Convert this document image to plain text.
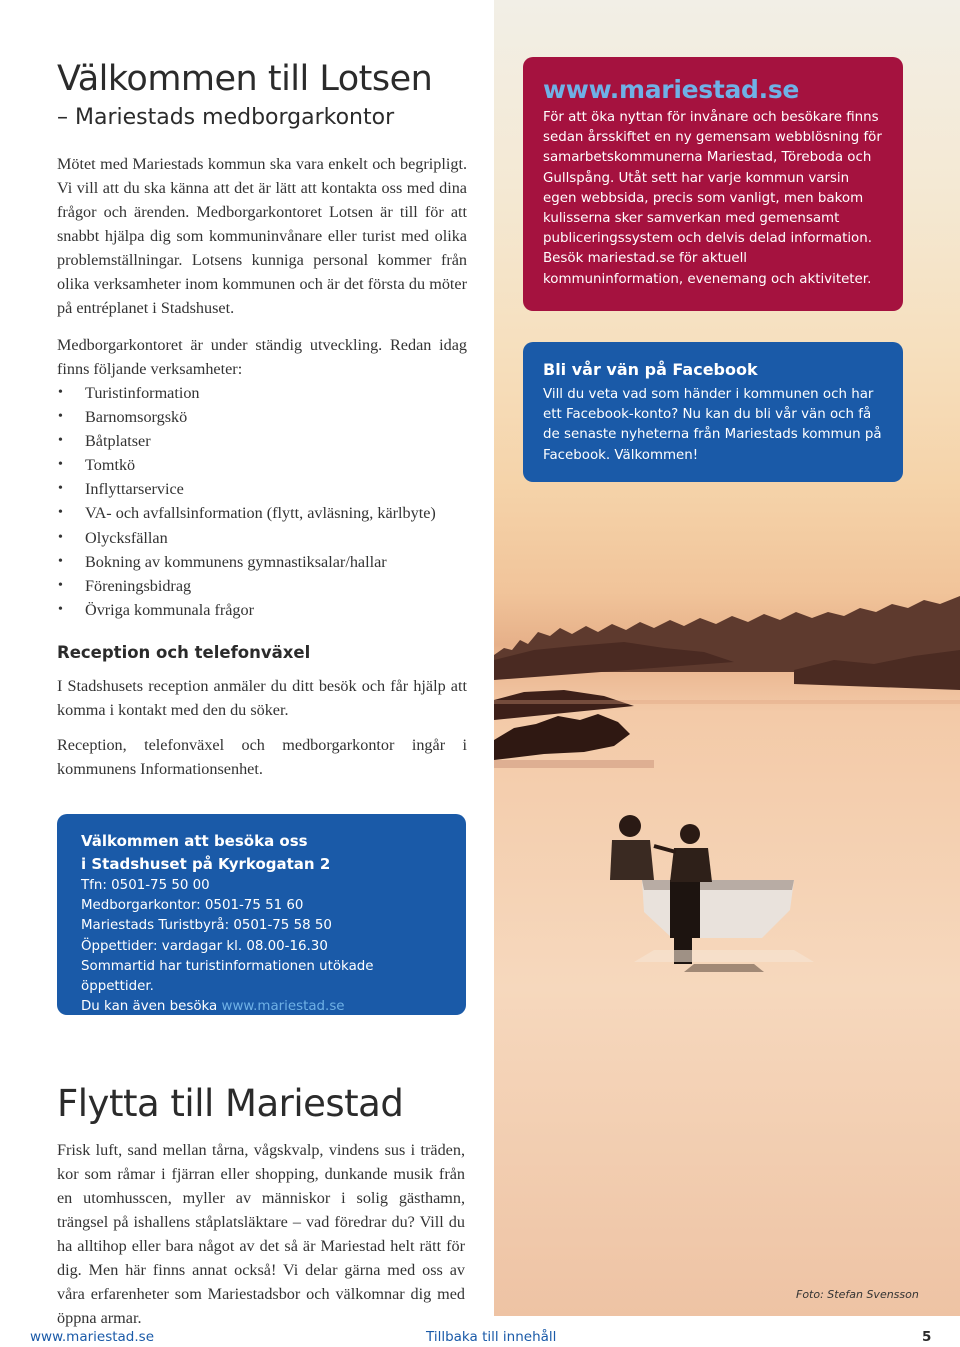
Välkommen till Lotsen
– Mariestads medborgarkontor

Mötet med Mariestads kommun ska vara enkelt och begripligt. Vi vill att du ska känna att det är lätt att kontakta oss med dina frågor och ärenden. Medborgarkontoret Lotsen är till för att snabbt hjälpa dig som kommuninvånare eller turist med olika problemställningar. Lotsens kunniga personal kommer från olika verksamheter inom kommunen och är det första du möter på entréplanet i Stadshuset.

Medborgarkontoret är under ständig utveckling. Redan idag finns följande verksamheter:

• Turistinformation
• Barnomsorgskö
• Båtplatser
• Tomtkö
• Inflyttarservice
• VA- och avfallsinformation (flytt, avläsning, kärlbyte)
• Olycksfällan
• Bokning av kommunens gymnastiksalar/hallar
• Föreningsbidrag
• Övriga kommunala frågor
Reception och telefonväxel

I Stadshusets reception anmäler du ditt besök och får hjälp att komma i kontakt med den du söker.

Reception, telefonväxel och medborgarkontor ingår i kommunens Informationsenhet.

Välkommen att besöka oss
i Stadshuset på Kyrkogatan 2
Tfn: 0501-75 50 00
Medborgarkontor: 0501-75 51 60
Mariestads Turistbyrå: 0501-75 58 50
Öppettider: vardagar kl. 08.00-16.30
Sommartid har turistinformationen utökade öppettider.
Du kan även besöka www.mariestad.se
Flytta till Mariestad

Frisk luft, sand mellan tårna, vågskvalp, vindens sus i träden, kor som råmar i fjärran eller shopping, dunkande musik från en utomhusscen, myller av människor i solig gästhamn, trängsel på ishallens ståplatsläktare – vad föredrar du? Vill du ha alltihop eller bara något av det så är Mariestad helt rätt för dig. Men här finns annat också! Vi delar gärna med oss av våra erfarenheter som Mariestadsbor och välkomnar dig med öppna armar.

www.mariestad.se
För att öka nyttan för invånare och besökare finns sedan årsskiftet en ny gemensam webblösning för samarbetskommunerna Mariestad, Töreboda och Gullspång. Utåt sett har varje kommun varsin egen webbsida, precis som vanligt, men bakom kulisserna sker samverkan med gemensamt publiceringssystem och delvis delad information. Besök mariestad.se för aktuell kommuninformation, evenemang och aktiviteter.
Bli vår vän på Facebook
Vill du veta vad som händer i kommunen och har ett Facebook-konto? Nu kan du bli vår vän och få de senaste nyheterna från Mariestads kommun på Facebook. Välkommen!
Foto: Stefan Svensson
www.mariestad.se	Tillbaka till innehåll	5
